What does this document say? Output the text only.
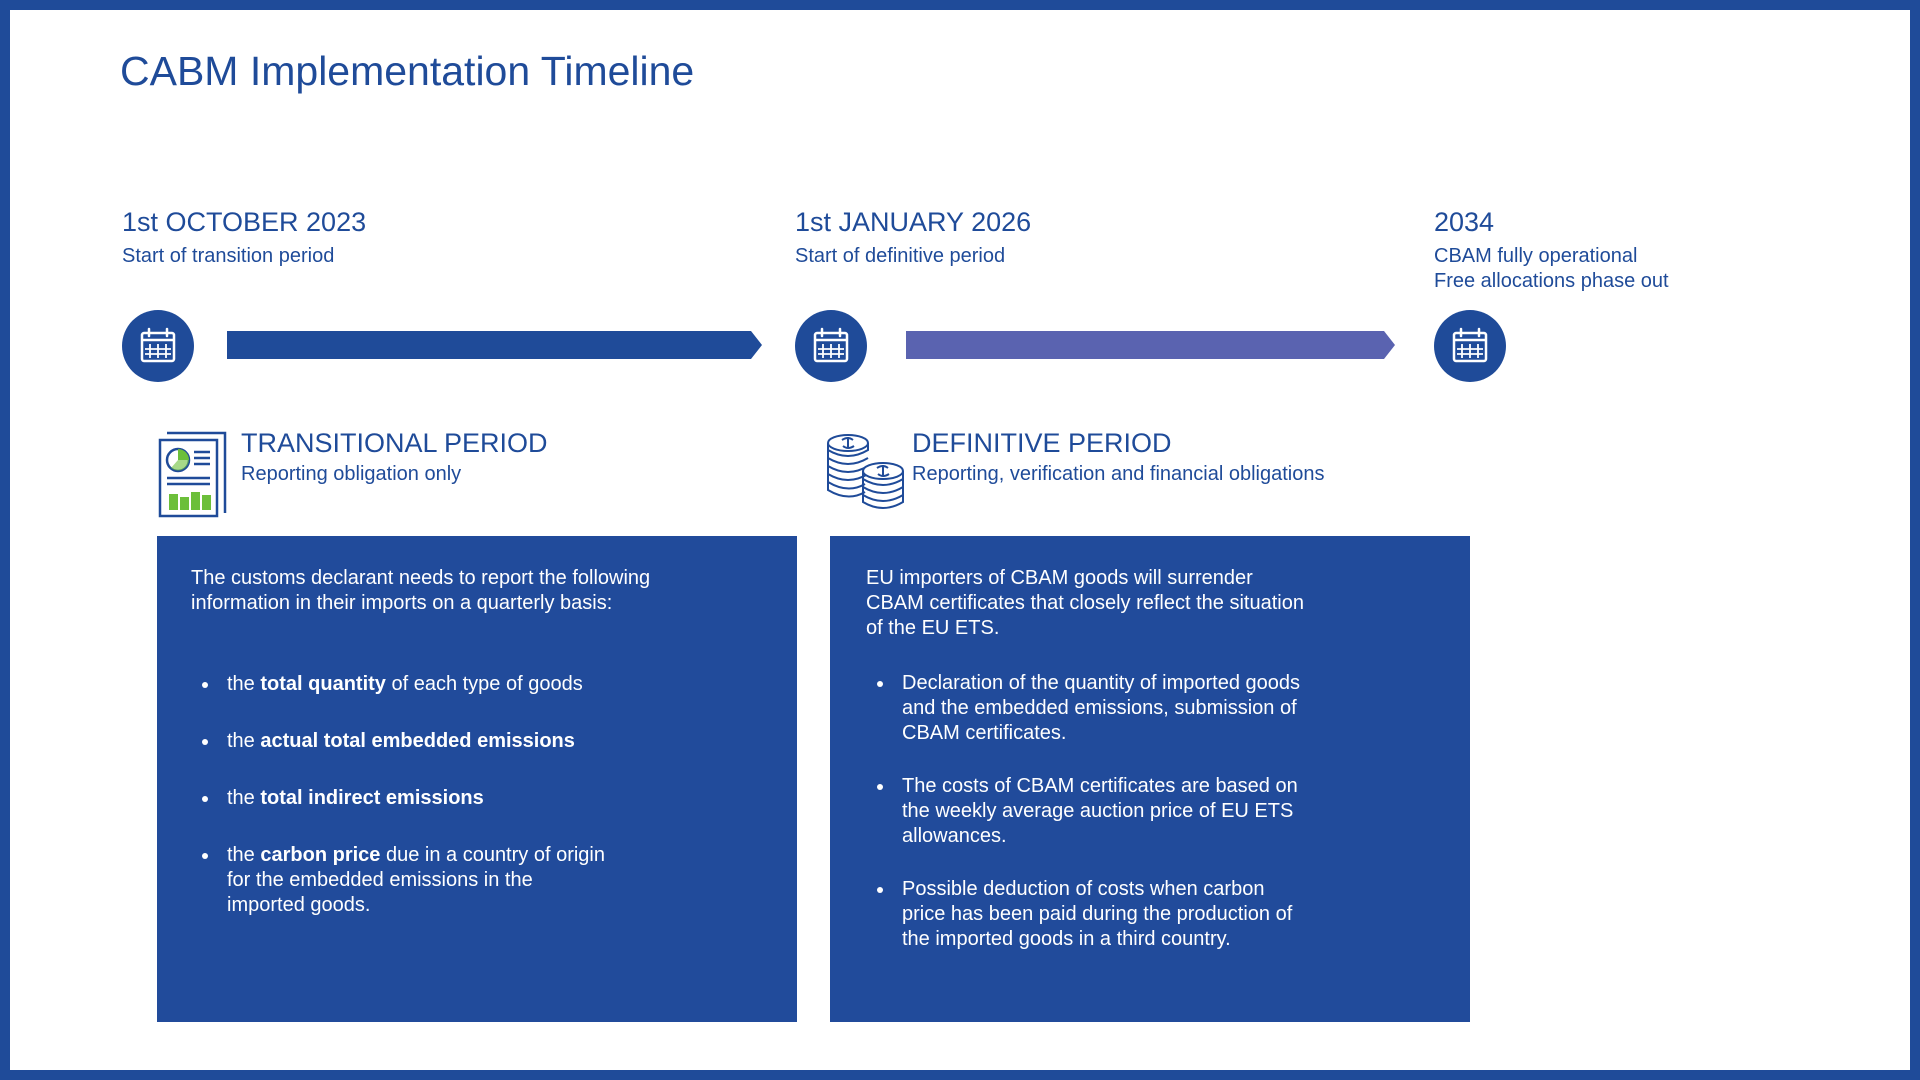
CABM Implementation Timeline
1st OCTOBER 2023
Start of transition period
1st JANUARY 2026
Start of definitive period
2034
CBAM fully operational
Free allocations phase out
TRANSITIONAL PERIOD
Reporting obligation only
DEFINITIVE PERIOD
Reporting, verification and financial obligations
The customs declarant needs to report the following
information in their imports on a quarterly basis:
the total quantity of each type of goods
the actual total embedded emissions
the total indirect emissions
the carbon price due in a country of origin
for the embedded emissions in the
imported goods.
EU importers of CBAM goods will surrender
CBAM certificates that closely reflect the situation
of the EU ETS.
Declaration of the quantity of imported goods
and the embedded emissions, submission of
CBAM certificates.
The costs of CBAM certificates are based on
the weekly average auction price of EU ETS
allowances.
Possible deduction of costs when carbon
price has been paid during the production of
the imported goods in a third country.
